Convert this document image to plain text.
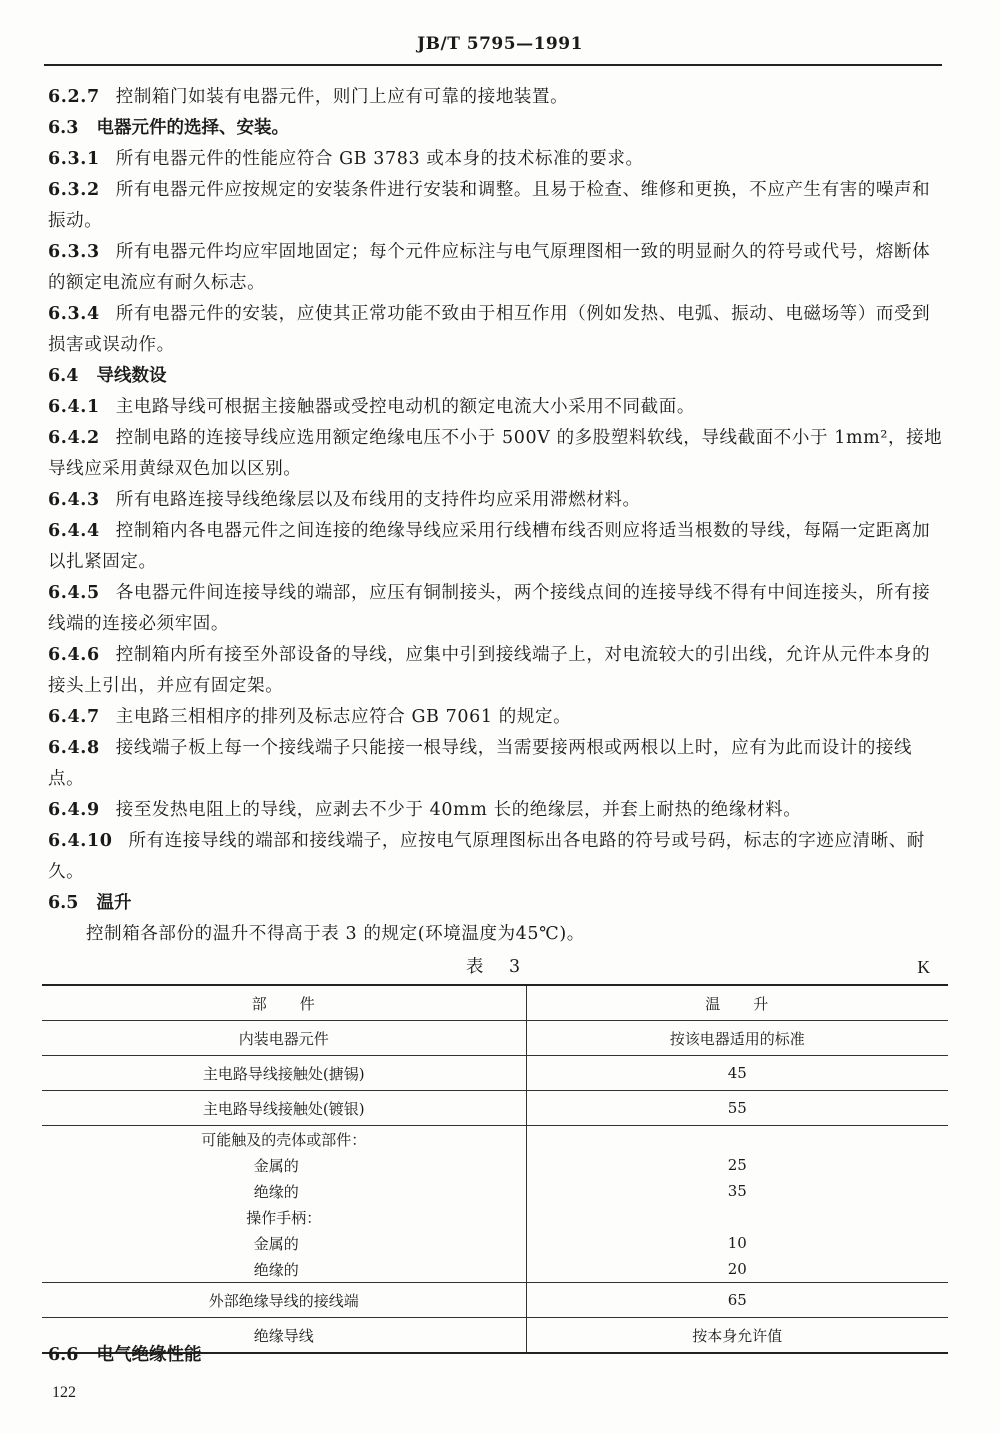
JB/T 5795—1991
6.2.7 控制箱门如装有电器元件，则门上应有可靠的接地装置。
6.3 电器元件的选择、安装。
6.3.1 所有电器元件的性能应符合 GB 3783 或本身的技术标准的要求。
6.3.2 所有电器元件应按规定的安装条件进行安装和调整。且易于检查、维修和更换，不应产生有害的噪声和振动。
6.3.3 所有电器元件均应牢固地固定；每个元件应标注与电气原理图相一致的明显耐久的符号或代号，熔断体的额定电流应有耐久标志。
6.3.4 所有电器元件的安装，应使其正常功能不致由于相互作用（例如发热、电弧、振动、电磁场等）而受到损害或误动作。
6.4 导线数设
6.4.1 主电路导线可根据主接触器或受控电动机的额定电流大小采用不同截面。
6.4.2 控制电路的连接导线应选用额定绝缘电压不小于 500V 的多股塑料软线，导线截面不小于 1mm²，接地导线应采用黄绿双色加以区别。
6.4.3 所有电路连接导线绝缘层以及布线用的支持件均应采用滞燃材料。
6.4.4 控制箱内各电器元件之间连接的绝缘导线应采用行线槽布线否则应将适当根数的导线，每隔一定距离加以扎紧固定。
6.4.5 各电器元件间连接导线的端部，应压有铜制接头，两个接线点间的连接导线不得有中间连接头，所有接线端的连接必须牢固。
6.4.6 控制箱内所有接至外部设备的导线，应集中引到接线端子上，对电流较大的引出线，允许从元件本身的接头上引出，并应有固定架。
6.4.7 主电路三相相序的排列及标志应符合 GB 7061 的规定。
6.4.8 接线端子板上每一个接线端子只能接一根导线，当需要接两根或两根以上时，应有为此而设计的接线点。
6.4.9 接至发热电阻上的导线，应剥去不少于 40mm 长的绝缘层，并套上耐热的绝缘材料。
6.4.10 所有连接导线的端部和接线端子，应按电气原理图标出各电路的符号或号码，标志的字迹应清晰、耐久。
6.5 温升
控制箱各部份的温升不得高于表 3 的规定(环境温度为45℃)。
表 3	K
部　　件	温　　升
内装电器元件	按该电器适用的标准
主电路导线接触处(搪锡)	45
主电路导线接触处(镀银)	55
可能触及的壳体或部件：	
金属的	25
绝缘的	35
操作手柄：	
金属的	10
绝缘的	20
外部绝缘导线的接线端	65
绝缘导线	按本身允许值
6.6 电气绝缘性能
122
